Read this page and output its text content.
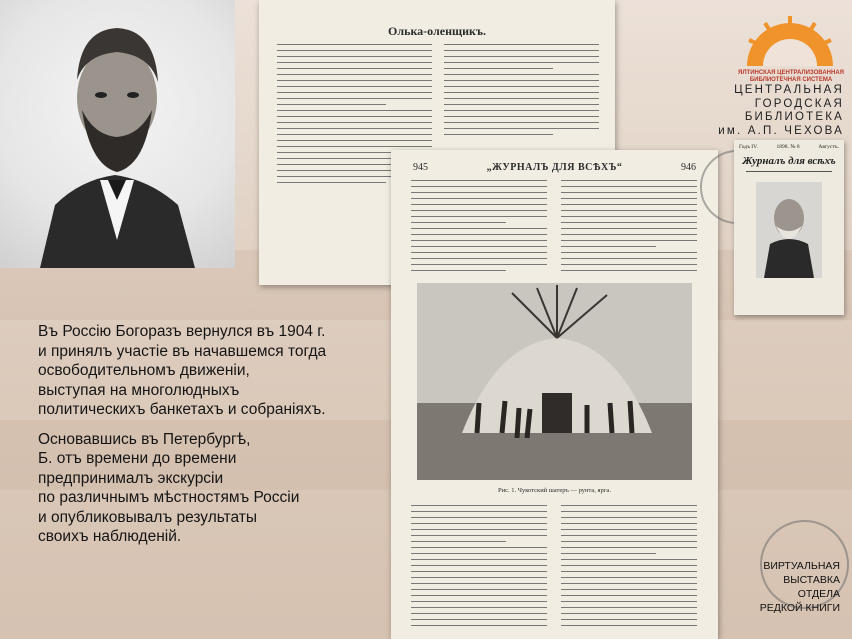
Олька-оленщикъ.
945	„ЖУРНАЛЪ ДЛЯ ВСѢХЪ“	946
Рис. 1. Чукотский шатеръ — рунта, ярга.

Въ Россію Богоразъ вернулся въ 1904 г.
и принялъ участіе въ начавшемся тогда
освободительномъ движеніи,
выступая на многолюдныхъ
политическихъ банкетахъ и собраніяхъ.

Основавшись въ Петербургѣ,
Б. отъ времени до времени
предпринималъ экскурсіи
по различнымъ мѣстностямъ Россіи
и опубликовывалъ результаты
своихъ наблюденій.

ЯЛТИНСКАЯ ЦЕНТРАЛИЗОВАННАЯ БИБЛИОТЕЧНАЯ СИСТЕМА
ЦЕНТРАЛЬНАЯ
ГОРОДСКАЯ
БИБЛИОТЕКА
им. А.П. ЧЕХОВА
Годъ IV.	1898. № 8	Августъ.
Журналъ для всѣхъ
ВИРТУАЛЬНАЯ
ВЫСТАВКА
ОТДЕЛА
РЕДКОЙ КНИГИ
